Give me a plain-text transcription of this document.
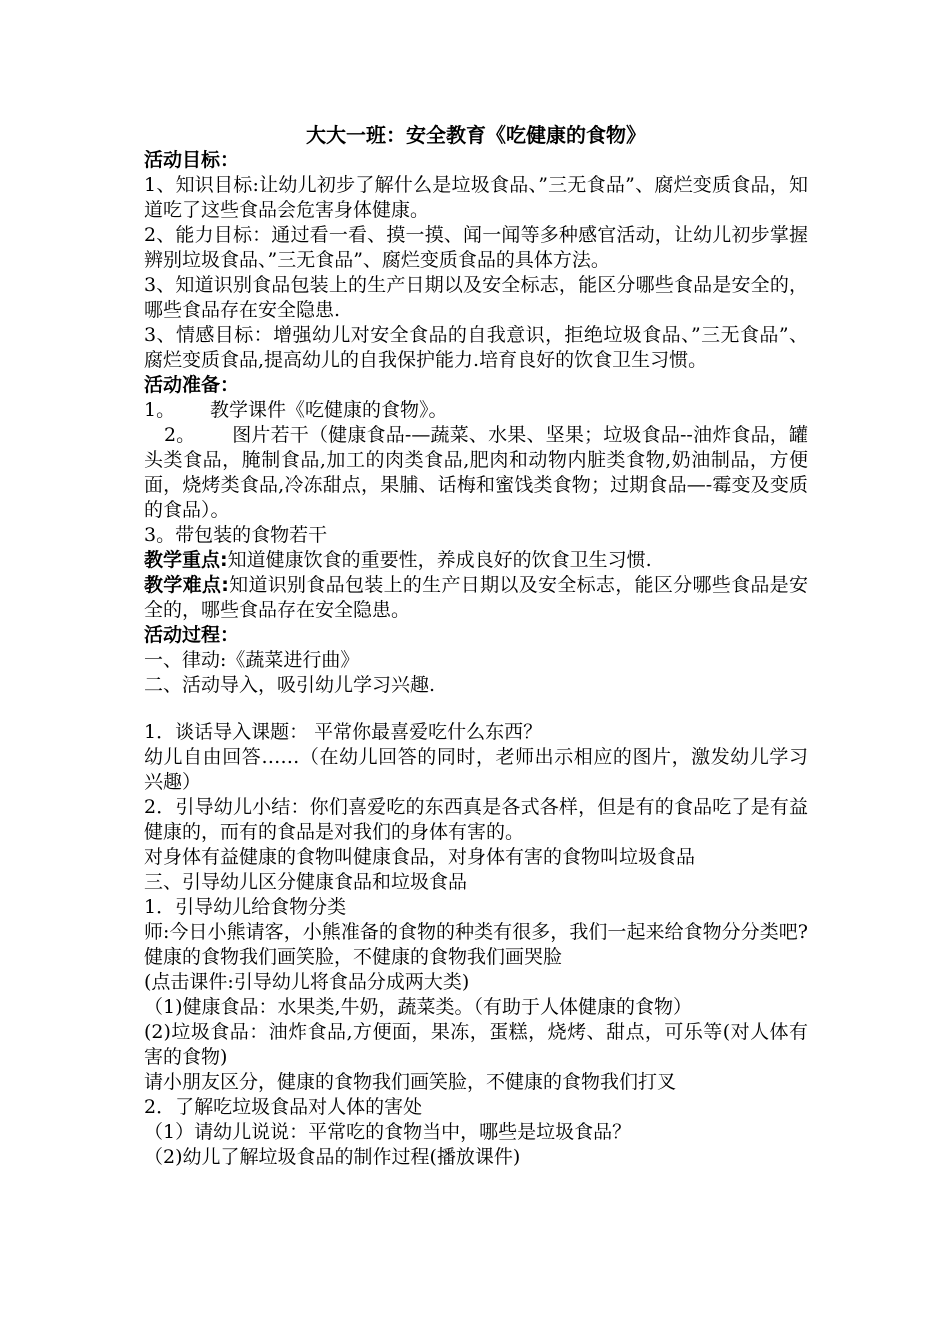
大大一班：安全教育《吃健康的食物》

活动目标：

1、知识目标:让幼儿初步了解什么是垃圾食品、”三无食品”、腐烂变质食品，知道吃了这些食品会危害身体健康。

2、能力目标：通过看一看、摸一摸、闻一闻等多种感官活动，让幼儿初步掌握辨别垃圾食品、”三无食品”、腐烂变质食品的具体方法。

3、知道识别食品包装上的生产日期以及安全标志，能区分哪些食品是安全的，哪些食品存在安全隐患.

3、情感目标：增强幼儿对安全食品的自我意识，拒绝垃圾食品、”三无食品”、腐烂变质食品,提高幼儿的自我保护能力.培育良好的饮食卫生习惯。

活动准备：

1。 教学课件《吃健康的食物》。

2。 图片若干（健康食品-—蔬菜、水果、坚果；垃圾食品--油炸食品，罐头类食品，腌制食品,加工的肉类食品,肥肉和动物内脏类食物,奶油制品，方便面，烧烤类食品,冷冻甜点，果脯、话梅和蜜饯类食物；过期食品—-霉变及变质的食品）。

3。带包装的食物若干

教学重点:知道健康饮食的重要性，养成良好的饮食卫生习惯.

教学难点:知道识别食品包装上的生产日期以及安全标志，能区分哪些食品是安全的，哪些食品存在安全隐患。

活动过程：

一、律动:《蔬菜进行曲》

二、活动导入，吸引幼儿学习兴趣.

1．谈话导入课题： 平常你最喜爱吃什么东西？

幼儿自由回答……（在幼儿回答的同时，老师出示相应的图片，激发幼儿学习兴趣）

2．引导幼儿小结：你们喜爱吃的东西真是各式各样，但是有的食品吃了是有益健康的，而有的食品是对我们的身体有害的。

对身体有益健康的食物叫健康食品，对身体有害的食物叫垃圾食品

三、引导幼儿区分健康食品和垃圾食品

1．引导幼儿给食物分类

师:今日小熊请客，小熊准备的食物的种类有很多，我们一起来给食物分分类吧?健康的食物我们画笑脸，不健康的食物我们画哭脸

(点击课件:引导幼儿将食品分成两大类)

（1)健康食品：水果类,牛奶，蔬菜类。（有助于人体健康的食物）

(2)垃圾食品：油炸食品,方便面，果冻，蛋糕，烧烤、甜点，可乐等(对人体有害的食物)

请小朋友区分，健康的食物我们画笑脸，不健康的食物我们打叉

2．了解吃垃圾食品对人体的害处

（1）请幼儿说说：平常吃的食物当中，哪些是垃圾食品？

（2)幼儿了解垃圾食品的制作过程(播放课件)
